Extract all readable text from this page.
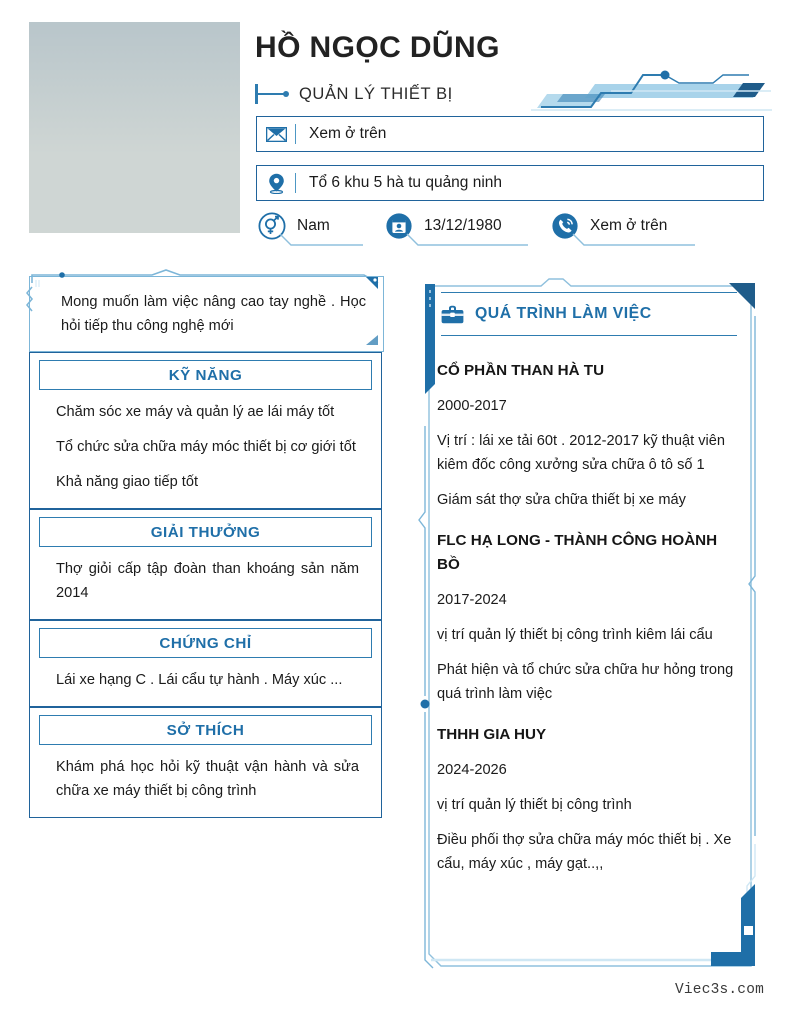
HỒ NGỌC DŨNG
QUẢN LÝ THIẾT BỊ
Xem ở trên
Tổ 6 khu 5 hà tu quảng ninh
Nam	13/12/1980	Xem ở trên
Mong muốn làm việc nâng cao tay nghề . Học hỏi tiếp thu công nghệ mới
KỸ NĂNG
Chăm sóc xe máy và quản lý ae lái máy tốt
Tổ chức sửa chữa máy móc thiết bị cơ giới tốt
Khả năng giao tiếp tốt
GIẢI THƯỞNG
Thợ giỏi cấp tập đoàn than khoáng sản năm 2014
CHỨNG CHỈ
Lái xe hạng C . Lái cẩu tự hành . Máy xúc ...
SỞ THÍCH
Khám phá học hỏi kỹ thuật vận hành và sửa chữa xe máy thiết bị công trình
QUÁ TRÌNH LÀM VIỆC
CỔ PHẦN THAN HÀ TU
2000-2017
Vị trí : lái xe tải 60t . 2012-2017 kỹ thuật viên kiêm đốc công xưởng sửa chữa ô tô số 1
Giám sát thợ sửa chữa thiết bị xe máy
FLC HẠ LONG - THÀNH CÔNG HOÀNH BỒ
2017-2024
vị trí quản lý thiết bị công trình kiêm lái cẩu
Phát hiện và tổ chức sửa chữa hư hỏng trong quá trình làm việc
THHH GIA HUY
2024-2026
vị trí quản lý thiết bị công trình
Điều phối thợ sửa chữa máy móc thiết bị . Xe cẩu, máy xúc , máy gạt..,,
Viec3s.com
